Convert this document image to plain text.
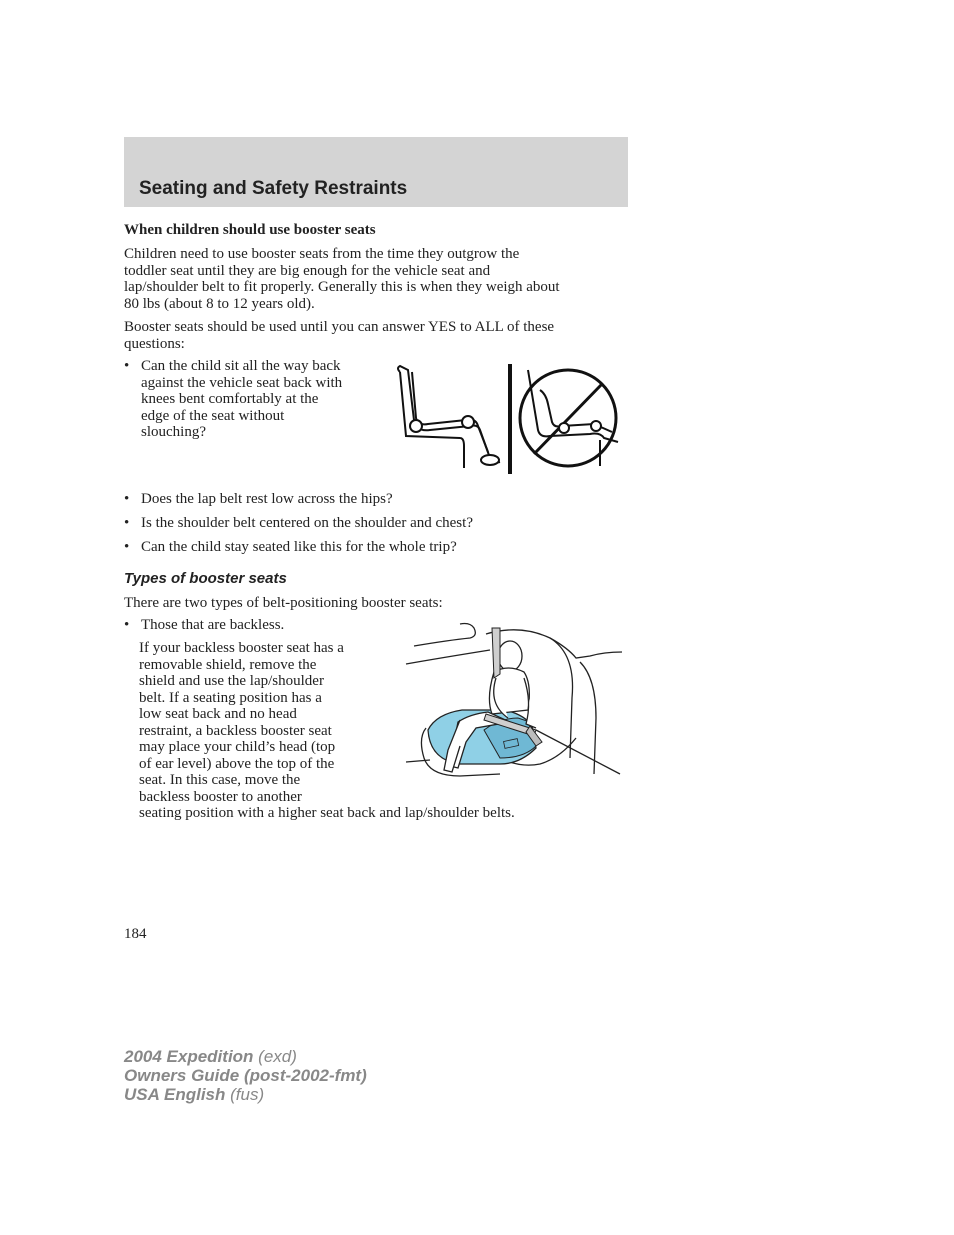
Seating and Safety Restraints
When children should use booster seats
Children need to use booster seats from the time they outgrow the
toddler seat until they are big enough for the vehicle seat and
lap/shoulder belt to fit properly. Generally this is when they weigh about
80 lbs (about 8 to 12 years old).
Booster seats should be used until you can answer YES to ALL of these
questions:
• Can the child sit all the way back
against the vehicle seat back with
knees bent comfortably at the
edge of the seat without
slouching?
• Does the lap belt rest low across the hips?
• Is the shoulder belt centered on the shoulder and chest?
• Can the child stay seated like this for the whole trip?
Types of booster seats
There are two types of belt-positioning booster seats:
• Those that are backless.
If your backless booster seat has a
removable shield, remove the
shield and use the lap/shoulder
belt. If a seating position has a
low seat back and no head
restraint, a backless booster seat
may place your child’s head (top
of ear level) above the top of the
seat. In this case, move the
backless booster to another
seating position with a higher seat back and lap/shoulder belts.
184
2004 Expedition (exd)
Owners Guide (post-2002-fmt)
USA English (fus)
